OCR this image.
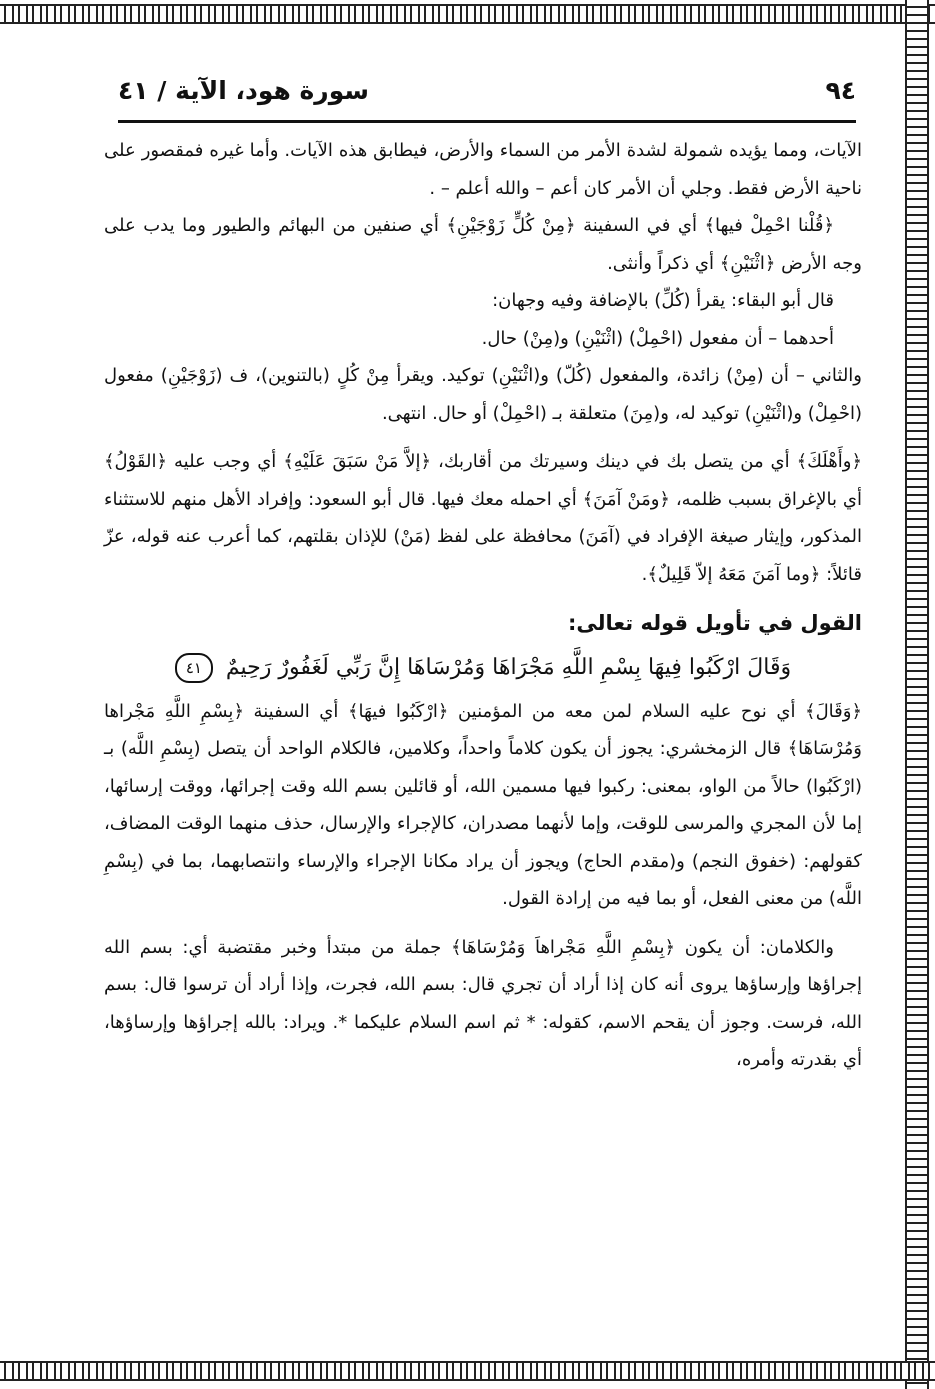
٩٤
سورة هود، الآية / ٤١

الآيات، ومما يؤيده شمولة لشدة الأمر من السماء والأرض، فيطابق هذه الآيات. وأما غيره فمقصور على ناحية الأرض فقط. وجلي أن الأمر كان أعم – والله أعلم – .

﴿قُلْنا احْمِلْ فيها﴾ أي في السفينة ﴿مِنْ كُلٍّ زَوْجَيْنِ﴾ أي صنفين من البهائم والطيور وما يدب على وجه الأرض ﴿اثْنَيْنِ﴾ أي ذكراً وأنثى.

قال أبو البقاء: يقرأ (كُلِّ) بالإضافة وفيه وجهان:

أحدهما – أن مفعول (احْمِلْ) (اثْنَيْنِ) و(مِنْ) حال.

والثاني – أن (مِنْ) زائدة، والمفعول (كُلّ) و(اثْنَيْنِ) توكيد. ويقرأ مِنْ كُلٍ (بالتنوين)، ف (زَوْجَيْنِ) مفعول (احْمِلْ) و(اثْنَيْنِ) توكيد له، و(مِنَ) متعلقة بـ (احْمِلْ) أو حال. انتهى.

﴿وأَهْلَكَ﴾ أي من يتصل بك في دينك وسيرتك من أقاربك، ﴿إلاَّ مَنْ سَبَقَ عَلَيْهِ﴾ أي وجب عليه ﴿القَوْلُ﴾ أي بالإغراق بسبب ظلمه، ﴿ومَنْ آمَنَ﴾ أي احمله معك فيها. قال أبو السعود: وإفراد الأهل منهم للاستثناء المذكور، وإيثار صيغة الإفراد في (آمَنَ) محافظة على لفظ (مَنْ) للإذان بقلتهم، كما أعرب عنه قوله، عزّ قائلاً: ﴿وما آمَنَ مَعَهُ إلاّ قَلِيلٌ﴾.

القول في تأويل قوله تعالى:

وَقَالَ ارْكَبُوا فِيهَا بِسْمِ اللَّهِ مَجْرَاهَا وَمُرْسَاهَا إِنَّ رَبِّي لَغَفُورٌ رَحِيمٌ ٤١

﴿وَقَالَ﴾ أي نوح عليه السلام لمن معه من المؤمنين ﴿ارْكَبُوا فيهَا﴾ أي السفينة ﴿بِسْمِ اللَّهِ مَجْراها وَمُرْسَاهَا﴾ قال الزمخشري: يجوز أن يكون كلاماً واحداً، وكلامين، فالكلام الواحد أن يتصل (بِسْمِ اللَّه) بـ (ارْكَبُوا) حالاً من الواو، بمعنى: ركبوا فيها مسمين الله، أو قائلين بسم الله وقت إجرائها، ووقت إرسائها، إما لأن المجري والمرسى للوقت، وإما لأنهما مصدران، كالإجراء والإرسال، حذف منهما الوقت المضاف، كقولهم: (خفوق النجم) و(مقدم الحاج) ويجوز أن يراد مكانا الإجراء والإرساء وانتصابهما، بما في (بِسْمِ اللَّه) من معنى الفعل، أو بما فيه من إرادة القول.

والكلامان: أن يكون ﴿بِسْمِ اللَّهِ مَجْراهاَ وَمُرْسَاهَا﴾ جملة من مبتدأ وخبر مقتضبة أي: بسم الله إجراؤها وإرساؤها يروى أنه كان إذا أراد أن تجري قال: بسم الله، فجرت، وإذا أراد أن ترسوا قال: بسم الله، فرست. وجوز أن يقحم الاسم، كقوله: * ثم اسم السلام عليكما *. ويراد: بالله إجراؤها وإرساؤها، أي بقدرته وأمره،
